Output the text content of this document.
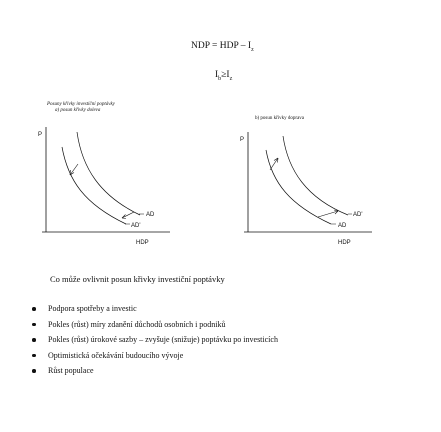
NDP = HDP – $I_z$
$I_b\ge I_z$
Posuny křivky investiční poptávky
a) posun křivky doleva
b) posun křivky doprava
P
AD
AD'
HDP
P
AD'
AD
HDP
Co může ovlivnit posun křivky investiční poptávky
Podpora spotřeby a investic
Pokles (růst) míry zdanění důchodů osobních i podniků
Pokles (růst) úrokové sazby – zvyšuje (snižuje) poptávku po investicích
Optimistická očekávání budoucího vývoje
Růst populace
